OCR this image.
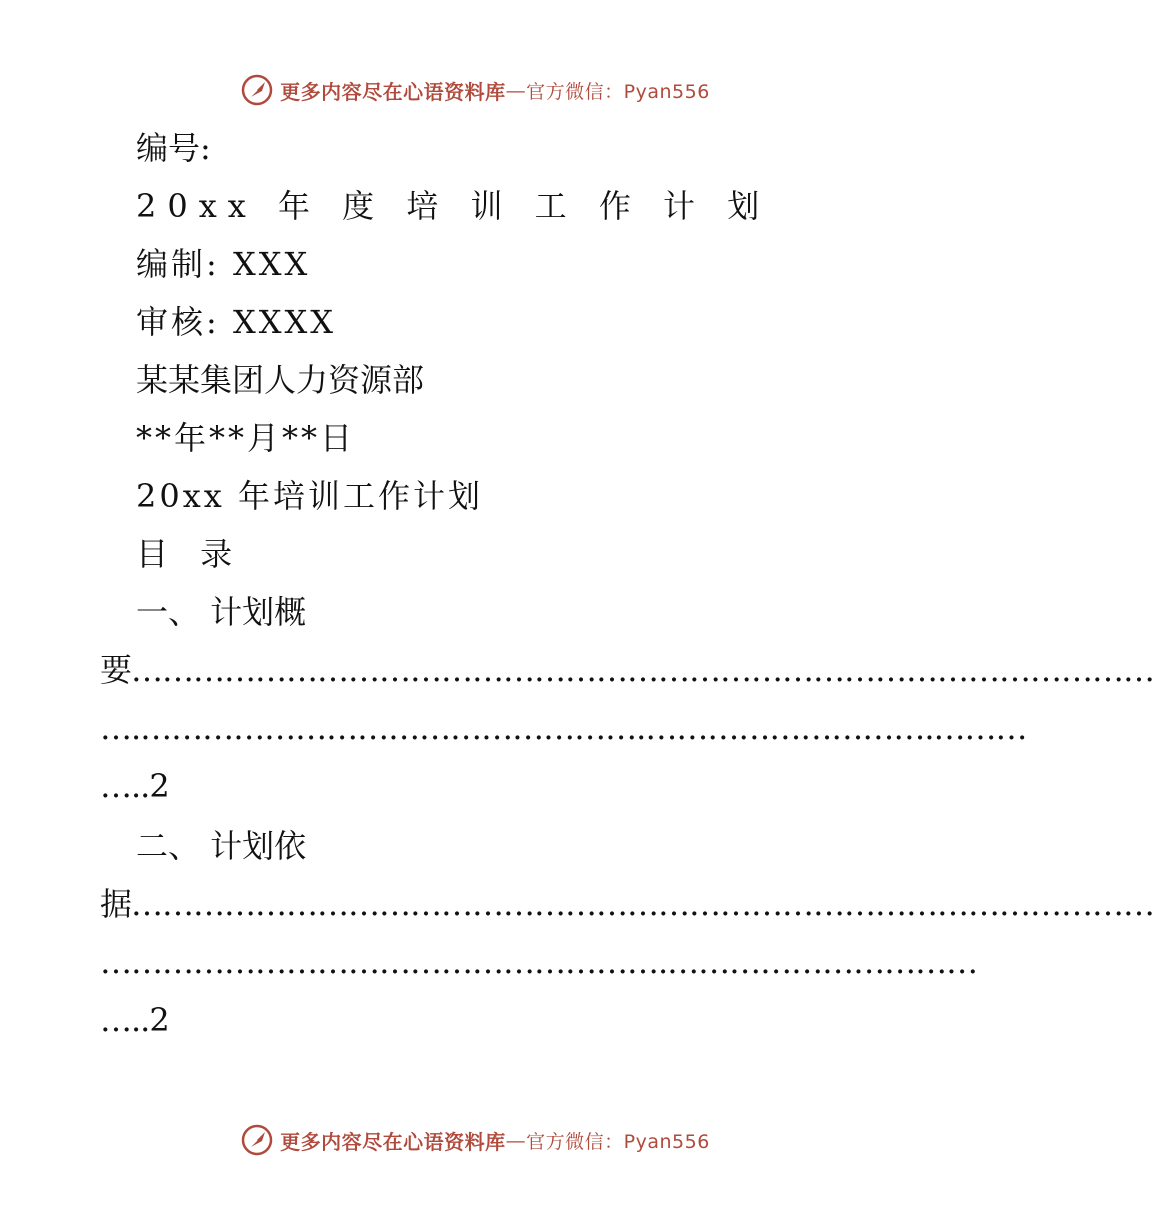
更多内容尽在心语资料库 — 官方微信：Pyan556
编号:
20xx 年 度 培 训 工 作 计 划
编制: XXX
审核: XXXX
某某集团人力资源部
**年**月**日
20xx 年培训工作计划
目 录
一、 计划概
要………………………………………………………………………………………
….………………………………………….……………………….………
…..2
二、 计划依
据………………………………………………………………………………………
……………………………………………….…………………………
…..2
更多内容尽在心语资料库 — 官方微信：Pyan556
